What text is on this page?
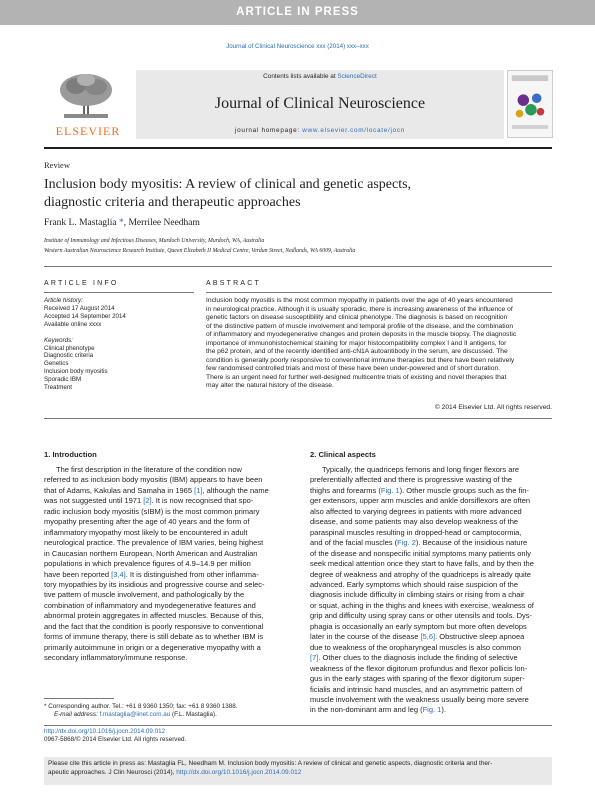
ARTICLE IN PRESS
Journal of Clinical Neuroscience xxx (2014) xxx–xxx
ELSEVIER
Contents lists available at ScienceDirect
Journal of Clinical Neuroscience
journal homepage: www.elsevier.com/locate/jocn
Review
Inclusion body myositis: A review of clinical and genetic aspects,
diagnostic criteria and therapeutic approaches
Frank L. Mastaglia *, Merrilee Needham
Institute of Immunology and Infectious Diseases, Murdoch University, Murdoch, WA, Australia
Western Australian Neuroscience Research Institute, Queen Elizabeth II Medical Centre, Verdun Street, Nedlands, WA 6009, Australia
ARTICLE INFO	ABSTRACT
Article history:
Received 17 August 2014
Accepted 14 September 2014
Available online xxxx
Keywords:
Clinical phenotype
Diagnostic criteria
Genetics
Inclusion body myositis
Sporadic IBM
Treatment
Inclusion body myositis is the most common myopathy in patients over the age of 40 years encountered
in neurological practice. Although it is usually sporadic, there is increasing awareness of the influence of
genetic factors on disease susceptibility and clinical phenotype. The diagnosis is based on recognition
of the distinctive pattern of muscle involvement and temporal profile of the disease, and the combination
of inflammatory and myodegenerative changes and protein deposits in the muscle biopsy. The diagnostic
importance of immunohistochemical staining for major histocompatibility complex I and II antigens, for
the p62 protein, and of the recently identified anti-cN1A autoantibody in the serum, are discussed. The
condition is generally poorly responsive to conventional immune therapies but there have been relatively
few randomised controlled trials and most of these have been under-powered and of short duration.
There is an urgent need for further well-designed multicentre trials of existing and novel therapies that
may alter the natural history of the disease.
© 2014 Elsevier Ltd. All rights reserved.
1. Introduction
The first description in the literature of the condition now
referred to as inclusion body myositis (IBM) appears to have been
that of Adams, Kakulas and Samaha in 1965 [1], although the name
was not suggested until 1971 [2]. It is now recognised that spo-
radic inclusion body myositis (sIBM) is the most common primary
myopathy presenting after the age of 40 years and the form of
inflammatory myopathy most likely to be encountered in adult
neurological practice. The prevalence of IBM varies, being highest
in Caucasian northern European, North American and Australian
populations in which prevalence figures of 4.9–14.9 per million
have been reported [3,4]. It is distinguished from other inflamma-
tory myopathies by its insidious and progressive course and selec-
tive pattern of muscle involvement, and pathologically by the
combination of inflammatory and myodegenerative features and
abnormal protein aggregates in affected muscles. Because of this,
and the fact that the condition is poorly responsive to conventional
forms of immune therapy, there is still debate as to whether IBM is
primarily autoimmune in origin or a degenerative myopathy with a
secondary inflammatory/immune response.
2. Clinical aspects
Typically, the quadriceps femoris and long finger flexors are
preferentially affected and there is progressive wasting of the
thighs and forearms (Fig. 1). Other muscle groups such as the fin-
ger extensors, upper arm muscles and ankle dorsiflexors are often
also affected to varying degrees in patients with more advanced
disease, and some patients may also develop weakness of the
paraspinal muscles resulting in dropped-head or camptocormia,
and of the facial muscles (Fig. 2). Because of the insidious nature
of the disease and nonspecific initial symptoms many patients only
seek medical attention once they start to have falls, and by then the
degree of weakness and atrophy of the quadriceps is already quite
advanced. Early symptoms which should raise suspicion of the
diagnosis include difficulty in climbing stairs or rising from a chair
or squat, aching in the thighs and knees with exercise, weakness of
grip and difficulty using spray cans or other utensils and tools. Dys-
phagia is occasionally an early symptom but more often develops
later in the course of the disease [5,6]. Obstructive sleep apnoea
due to weakness of the oropharyngeal muscles is also common
[7]. Other clues to the diagnosis include the finding of selective
weakness of the flexor digitorum profundus and flexor pollicis lon-
gus in the early stages with sparing of the flexor digitorum super-
ficialis and intrinsic hand muscles, and an asymmetric pattern of
muscle involvement with the weakness usually being more severe
in the non-dominant arm and leg (Fig. 1).
* Corresponding author. Tel.: +61 8 9360 1350; fax: +61 8 9360 1388.
E-mail address: f.mastaglia@iinet.com.au (F.L. Mastaglia).
http://dx.doi.org/10.1016/j.jocn.2014.09.012
0967-5868/© 2014 Elsevier Ltd. All rights reserved.
Please cite this article in press as: Mastaglia FL, Needham M. Inclusion body myositis: A review of clinical and genetic aspects, diagnostic criteria and ther-
apeutic approaches. J Clin Neurosci (2014), http://dx.doi.org/10.1016/j.jocn.2014.09.012
